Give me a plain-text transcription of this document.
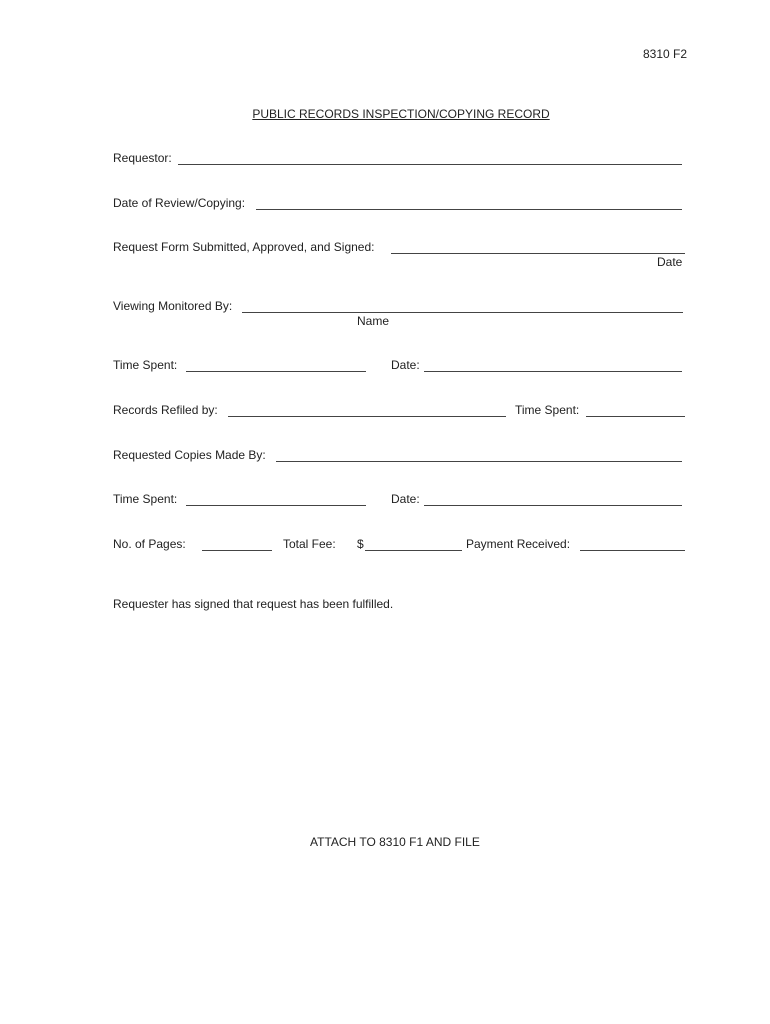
8310 F2
PUBLIC RECORDS INSPECTION/COPYING RECORD
Requestor:
Date of Review/Copying:
Request Form Submitted, Approved, and Signed:
Date
Viewing Monitored By:
Name
Time Spent:	Date:
Records Refiled by:	Time Spent:
Requested Copies Made By:
Time Spent:	Date:
No. of Pages:	Total Fee: $	Payment Received:
Requester has signed that request has been fulfilled.
ATTACH TO 8310 F1 AND FILE
